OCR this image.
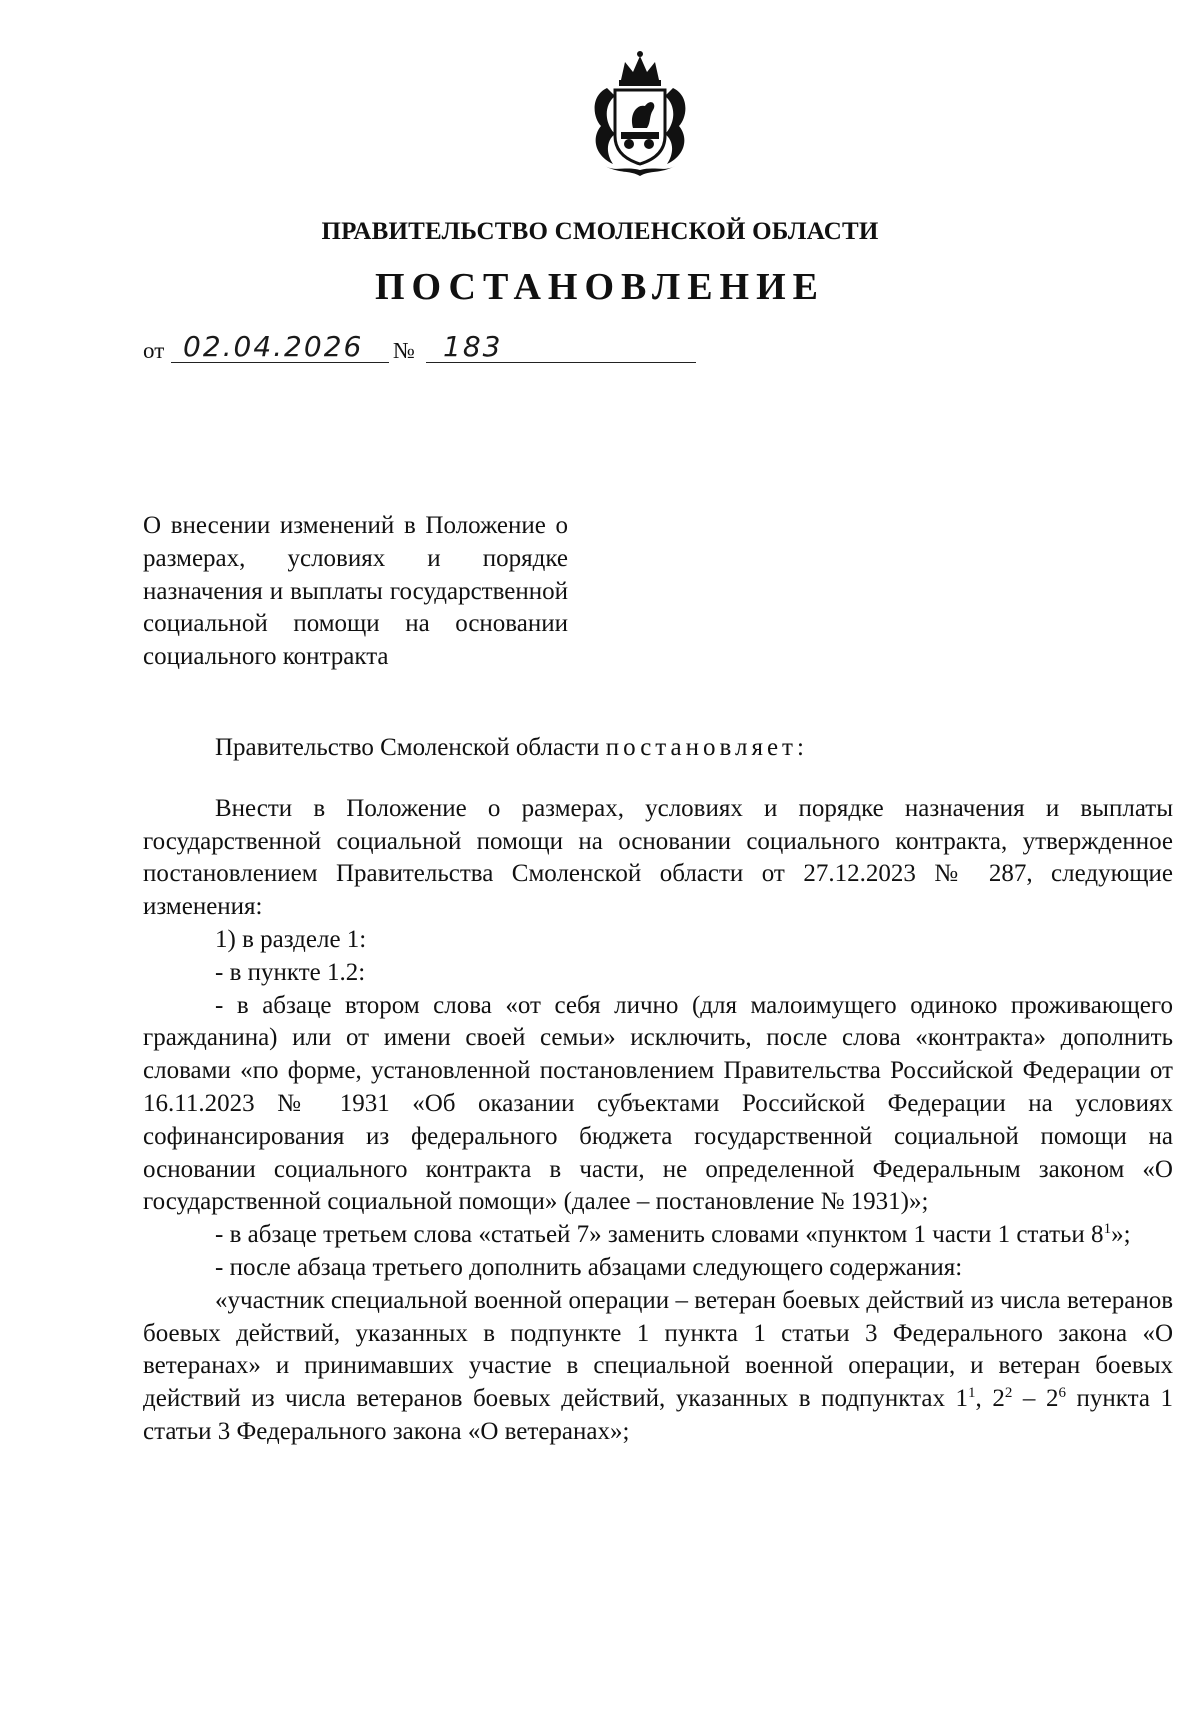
ПРАВИТЕЛЬСТВО СМОЛЕНСКОЙ ОБЛАСТИ
ПОСТАНОВЛЕНИЕ
от 02.04.2026 № 183
О внесении изменений в Положение о размерах, условиях и порядке назначения и выплаты государственной социальной помощи на основании социального контракта

Правительство Смоленской области постановляет:

Внести в Положение о размерах, условиях и порядке назначения и выплаты государственной социальной помощи на основании социального контракта, утвержденное постановлением Правительства Смоленской области от 27.12.2023 № 287, следующие изменения:

1) в разделе 1:

- в пункте 1.2:

- в абзаце втором слова «от себя лично (для малоимущего одиноко проживающего гражданина) или от имени своей семьи» исключить, после слова «контракта» дополнить словами «по форме, установленной постановлением Правительства Российской Федерации от 16.11.2023 № 1931 «Об оказании субъектами Российской Федерации на условиях софинансирования из федерального бюджета государственной социальной помощи на основании социального контракта в части, не определенной Федеральным законом «О государственной социальной помощи» (далее – постановление № 1931)»;

- в абзаце третьем слова «статьей 7» заменить словами «пунктом 1 части 1 статьи $8^1$»;

- после абзаца третьего дополнить абзацами следующего содержания:

«участник специальной военной операции – ветеран боевых действий из числа ветеранов боевых действий, указанных в подпункте 1 пункта 1 статьи 3 Федерального закона «О ветеранах» и принимавших участие в специальной военной операции, и ветеран боевых действий из числа ветеранов боевых действий, указанных в подпунктах $1^1$, $2^2 - 2^6$ пункта 1 статьи 3 Федерального закона «О ветеранах»;
